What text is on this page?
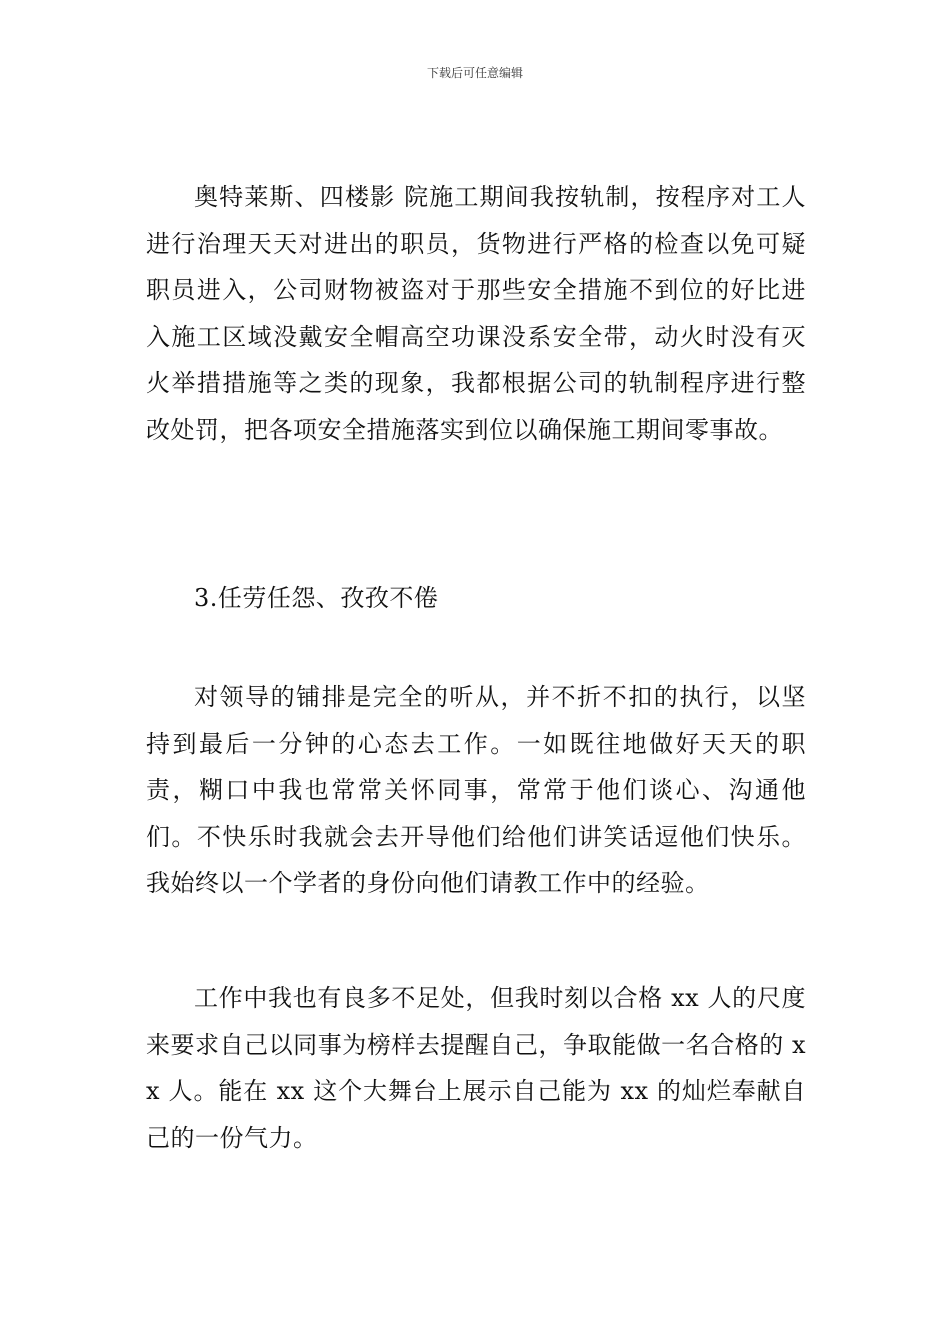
下载后可任意编辑

奥特莱斯、四楼影 院施工期间我按轨制，按程序对工人进行治理天天对进出的职员，货物进行严格的检查以免可疑职员进入，公司财物被盗对于那些安全措施不到位的好比进入施工区域没戴安全帽高空功课没系安全带，动火时没有灭火举措措施等之类的现象，我都根据公司的轨制程序进行整改处罚，把各项安全措施落实到位以确保施工期间零事故。

3.任劳任怨、孜孜不倦

对领导的铺排是完全的听从，并不折不扣的执行，以坚持到最后一分钟的心态去工作。一如既往地做好天天的职责，糊口中我也常常关怀同事，常常于他们谈心、沟通他们。不快乐时我就会去开导他们给他们讲笑话逗他们快乐。我始终以一个学者的身份向他们请教工作中的经验。

工作中我也有良多不足处，但我时刻以合格 xx 人的尺度来要求自己以同事为榜样去提醒自己，争取能做一名合格的 xx 人。能在 xx 这个大舞台上展示自己能为 xx 的灿烂奉献自己的一份气力。
